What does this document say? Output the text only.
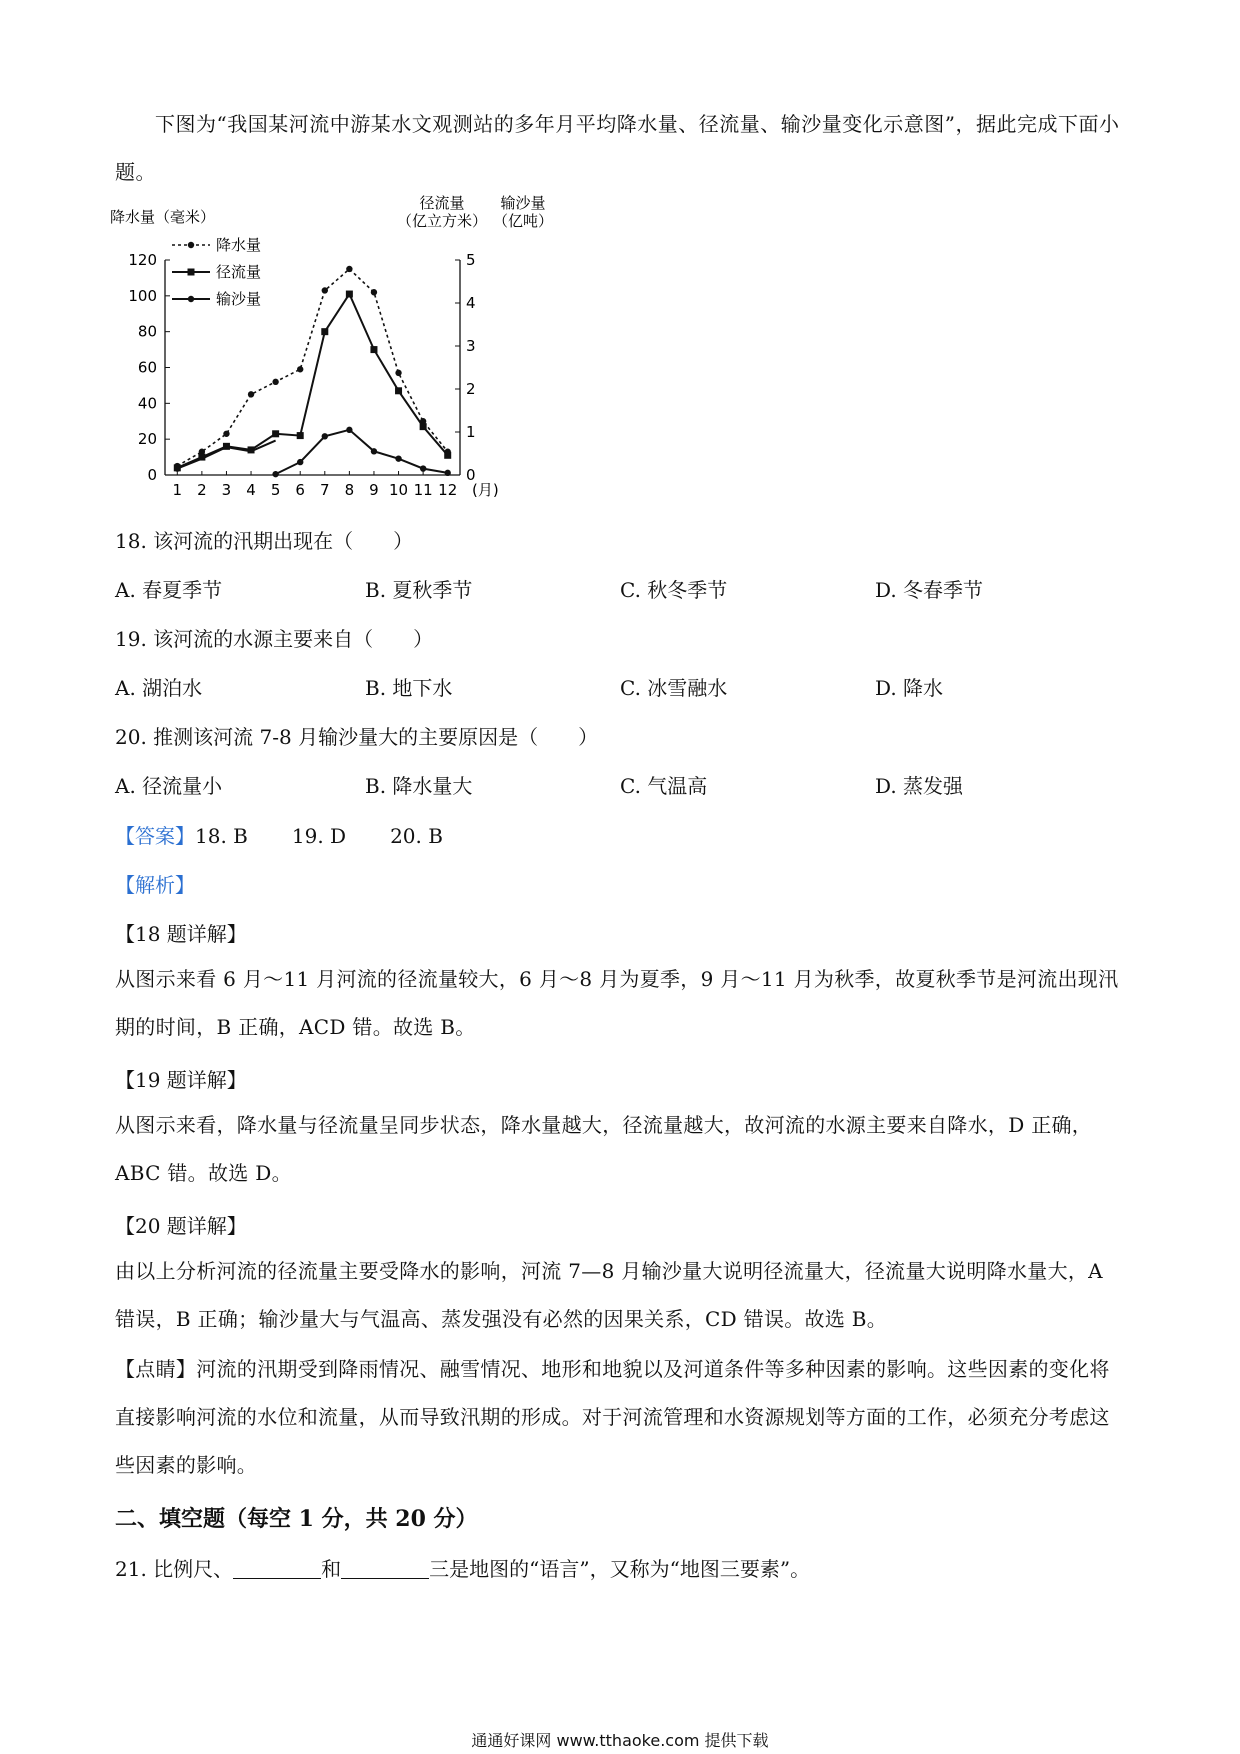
下图为“我国某河流中游某水文观测站的多年月平均降水量、径流量、输沙量变化示意图”，据此完成下面小题。
降水量（毫米）
径流量
（亿立方米）
输沙量
（亿吨）
0
20
40
60
80
100
120
0
1
2
3
4
5
1 2 3 4 5 6 7 8 9 10 11 12 (月)
降水量
径流量
输沙量
18. 该河流的汛期出现在（　　）
A. 春夏季节	B. 夏秋季节	C. 秋冬季节	D. 冬春季节
19. 该河流的水源主要来自（　　）
A. 湖泊水	B. 地下水	C. 冰雪融水	D. 降水
20. 推测该河流 7-8 月输沙量大的主要原因是（　　）
A. 径流量小	B. 降水量大	C. 气温高	D. 蒸发强
【答案】18. B 19. D 20. B
【解析】
【18 题详解】
从图示来看 6 月～11 月河流的径流量较大，6 月～8 月为夏季，9 月～11 月为秋季，故夏秋季节是河流出现汛期的时间，B 正确，ACD 错。故选 B。
【19 题详解】
从图示来看，降水量与径流量呈同步状态，降水量越大，径流量越大，故河流的水源主要来自降水，D 正确，ABC 错。故选 D。
【20 题详解】
由以上分析河流的径流量主要受降水的影响，河流 7—8 月输沙量大说明径流量大，径流量大说明降水量大，A 错误，B 正确；输沙量大与气温高、蒸发强没有必然的因果关系，CD 错误。故选 B。
【点睛】河流的汛期受到降雨情况、融雪情况、地形和地貌以及河道条件等多种因素的影响。这些因素的变化将直接影响河流的水位和流量，从而导致汛期的形成。对于河流管理和水资源规划等方面的工作，必须充分考虑这些因素的影响。
二、填空题（每空 1 分，共 20 分）
21. 比例尺、	和	三是地图的“语言”，又称为“地图三要素”。
通通好课网 www.tthaoke.com 提供下载
